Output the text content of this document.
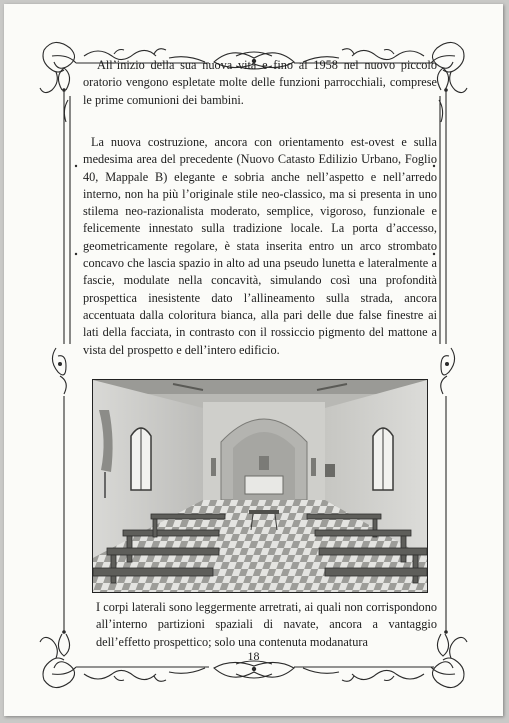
All’inizio della sua nuova vita e fino al 1958 nel nuovo piccolo oratorio vengono espletate molte delle funzioni parrocchiali, comprese le prime comunioni dei bambini.

La nuova costruzione, ancora con orientamento est-ovest e sulla medesima area del precedente (Nuovo Catasto Edilizio Urbano, Foglio 40, Mappale B) elegante e sobria anche nell’aspetto e nell’arredo interno, non ha più l’originale stile neo-classico, ma si presenta in uno stilema neo-razionalista moderato, semplice, vigoroso, funzionale e felicemente innestato sulla tradizione locale. La porta d’accesso, geometricamente regolare, è stata inserita entro un arco strombato concavo che lascia spazio in alto ad una pseudo lunetta e lateralmente a fascie, modulate nella concavità, simulando così una profondità prospettica inesistente dato l’allineamento sulla strada, ancora accentuata dalla coloritura bianca, alla pari delle due false finestre ai lati della facciata, in contrasto con il rossiccio pigmento del mattone a vista del prospetto e dell’intero edificio.

I corpi laterali sono leggermente arretrati, ai quali non corrispondono all’interno partizioni spaziali di navate, ancora a vantaggio dell’effetto prospettico; solo una contenuta modanatura

18
